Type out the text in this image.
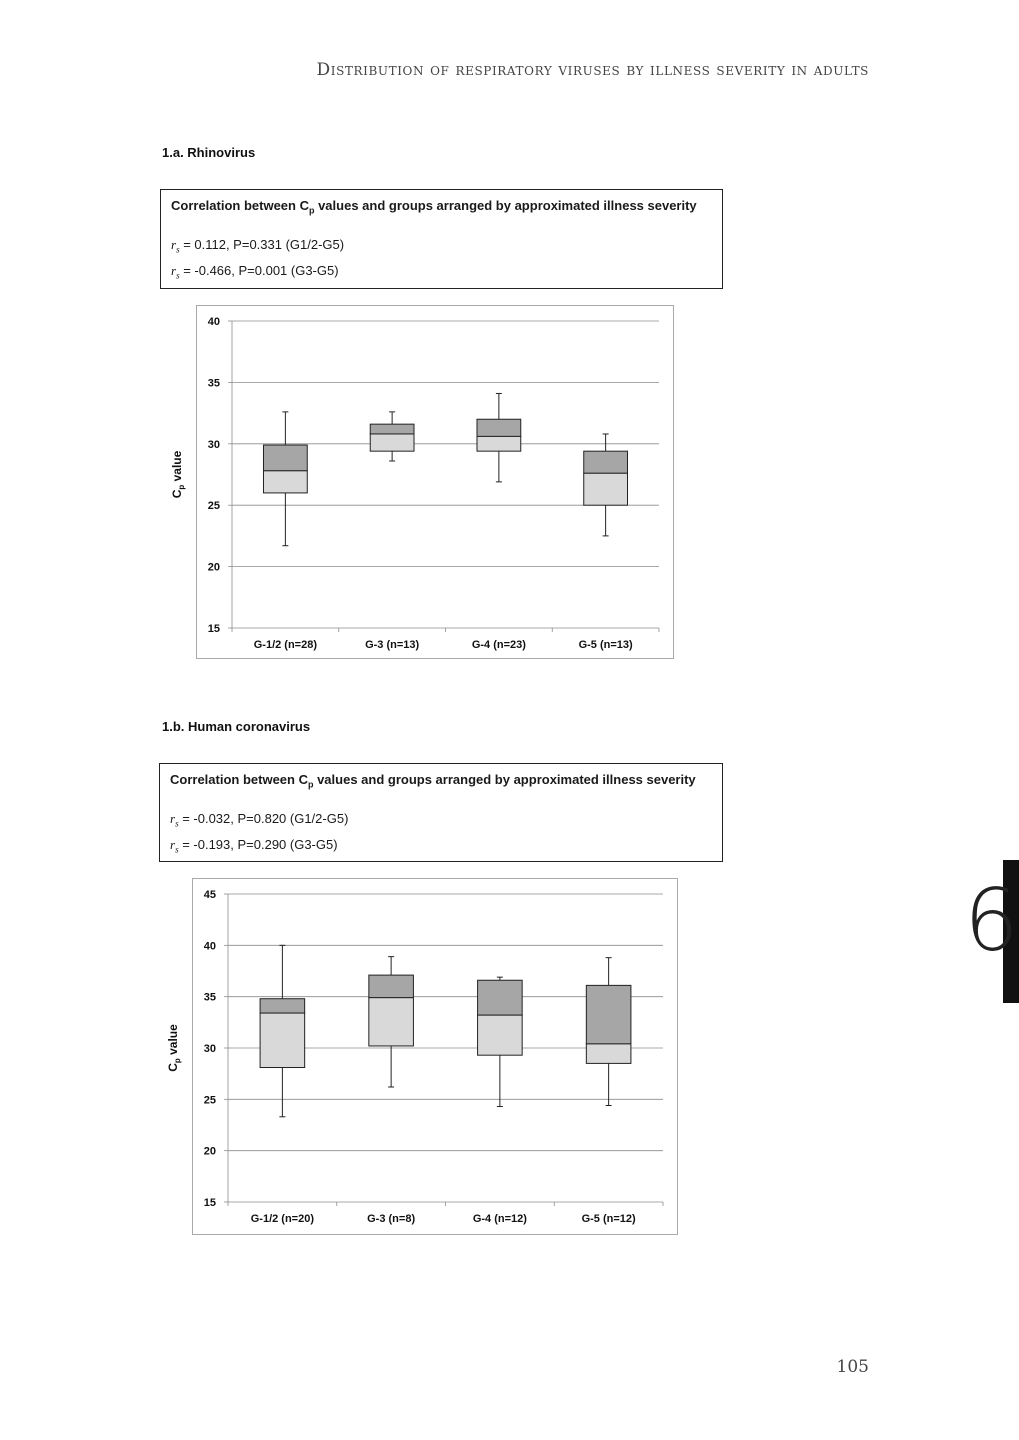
Distribution of respiratory viruses by illness severity in adults
1.a. Rhinovirus
Correlation between $C_p$ values and groups arranged by approximated illness severity
$r_s = 0.112$, P=0.331 (G1/2-G5)
$r_s = -0.466$, P=0.001 (G3-G5)
15
20
25
30
35
40
$C_p$ value
G-1/2 (n=28)	G-3 (n=13)	G-4 (n=23)	G-5 (n=13)
1.b. Human coronavirus
Correlation between $C_p$ values and groups arranged by approximated illness severity
$r_s = -0.032$, P=0.820 (G1/2-G5)
$r_s = -0.193$, P=0.290 (G3-G5)
15
20
25
30
35
40
45
$C_p$ value
G-1/2 (n=20)	G-3 (n=8)	G-4 (n=12)	G-5 (n=12)
6
105
